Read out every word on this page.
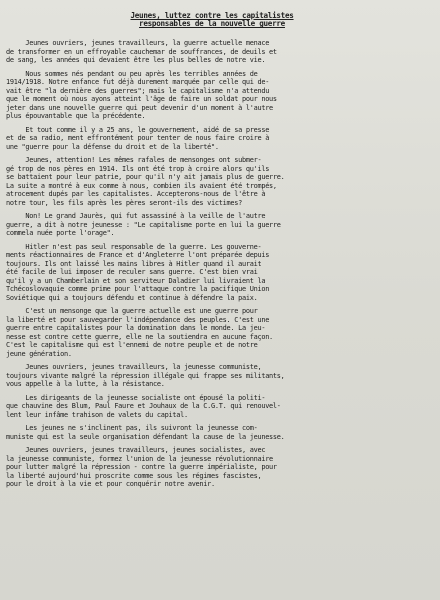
Jeunes, luttez contre les capitalistes
responsables de la nouvelle guerre
Jeunes ouvriers, jeunes travailleurs, la guerre actuelle menace
de transformer en un effroyable cauchemar de souffrances, de deuils et
de sang, les années qui devaient être les plus belles de notre vie.
Nous sommes nés pendant ou peu après les terribles années de
1914/1918. Notre enfance fut déjà durement marquée par celle qui de-
vait être "la dernière des guerres"; mais le capitalisme n'a attendu
que le moment où nous ayons atteint l'âge de faire un soldat pour nous
jeter dans une nouvelle guerre qui peut devenir d'un moment à l'autre
plus épouvantable que la précédente.
Et tout comme il y a 25 ans, le gouvernement, aidé de sa presse
et de sa radio, ment effrontément pour tenter de nous faire croire à
une "guerre pour la défense du droit et de la liberté".
Jeunes, attention! Les mêmes rafales de mensonges ont submer-
gé trop de nos pères en 1914. Ils ont été trop à croire alors qu'ils
se battaient pour leur patrie, pour qu'il n'y ait jamais plus de guerre.
La suite a montré à eux comme à nous, combien ils avaient été trompés,
atrocement dupés par les capitalistes. Accepterons-nous de l'être à
notre tour, les fils après les pères seront-ils des victimes?
Non! Le grand Jaurès, qui fut assassiné à la veille de l'autre
guerre, a dit à notre jeunesse : "Le capitalisme porte en lui la guerre
commela nuée porte l'orage".
Hitler n'est pas seul responsable de la guerre. Les gouverne-
ments réactionnaires de France et d'Angleterre l'ont préparée depuis
toujours. Ils ont laissé les mains libres à Hitler quand il aurait
été facile de lui imposer de reculer sans guerre. C'est bien vrai
qu'il y a un Chamberlain et son serviteur Daladier lui livraient la
Tchécoslovaquie comme prime pour l'attaque contre la pacifique Union
Soviétique qui a toujours défendu et continue à défendre la paix.
C'est un mensonge que la guerre actuelle est une guerre pour
la liberté et pour sauvegarder l'indépendance des peuples. C'est une
guerre entre capitalistes pour la domination dans le monde. La jeu-
nesse est contre cette guerre, elle ne la soutiendra en aucune façon.
C'est le capitalisme qui est l'ennemi de notre peuple et de notre
jeune génération.
Jeunes ouvriers, jeunes travailleurs, la jeunesse communiste,
toujours vivante malgré la répression illégale qui frappe ses militants,
vous appelle à la lutte, à la résistance.
Les dirigeants de la jeunesse socialiste ont épousé la politi-
que chauvine des Blum, Paul Faure et Jouhaux de la C.G.T. qui renouvel-
lent leur infâme trahison de valets du capital.
Les jeunes ne s'inclinent pas, ils suivront la jeunesse com-
muniste qui est la seule organisation défendant la cause de la jeunesse.
Jeunes ouvriers, jeunes travailleurs, jeunes socialistes, avec
la jeunesse communiste, formez l'union de la jeunesse révolutionnaire
pour lutter malgré la répression - contre la guerre impérialiste, pour
la liberté aujourd'hui proscrite comme sous les régimes fascistes,
pour le droit à la vie et pour conquérir notre avenir.
